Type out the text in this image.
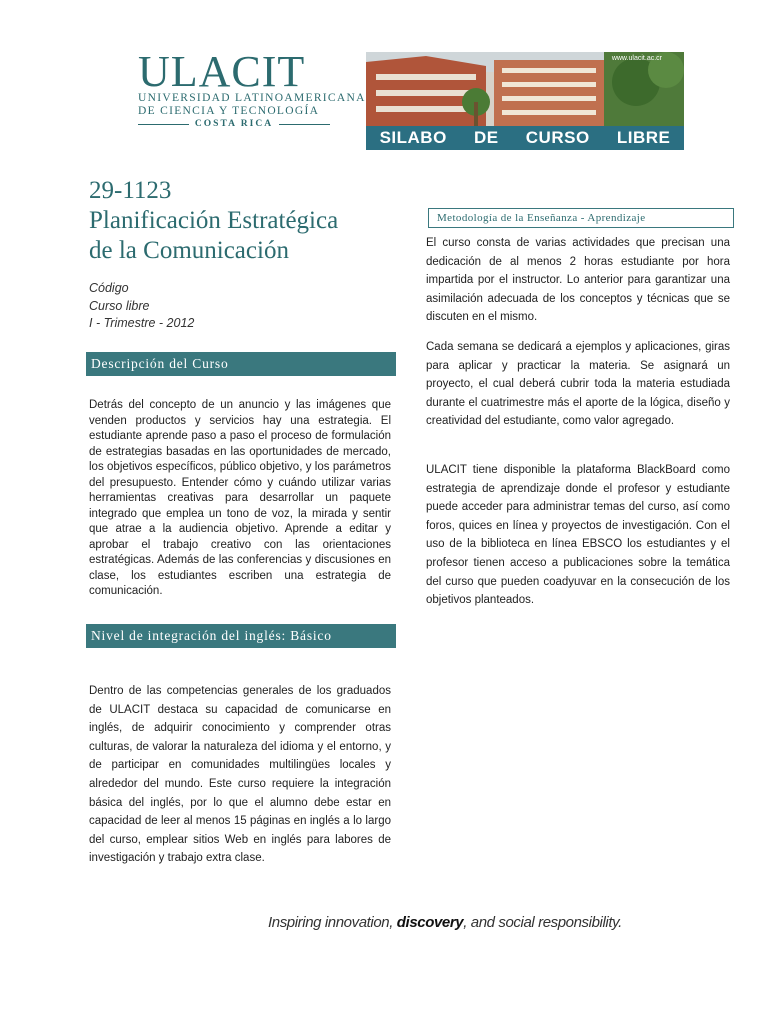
ULACIT
UNIVERSIDAD LATINOAMERICANA
DE CIENCIA Y TECNOLOGÍA
COSTA RICA
www.ulacit.ac.cr
SILABO DE CURSO LIBRE
29-1123
Planificación Estratégica
de la Comunicación
Código
Curso libre
I - Trimestre - 2012
Descripción del Curso
Detrás del concepto de un anuncio y las imágenes que venden productos y servicios hay una estrategia. El estudiante aprende paso a paso el proceso de formulación de estrategias basadas en las oportunidades de mercado, los objetivos específicos, público objetivo, y los parámetros del presupuesto. Entender cómo y cuándo utilizar varias herramientas creativas para desarrollar un paquete integrado que emplea un tono de voz, la mirada y sentir que atrae a la audiencia objetivo. Aprende a editar y aprobar el trabajo creativo con las orientaciones estratégicas. Además de las conferencias y discusiones en clase, los estudiantes escriben una estrategia de comunicación.
Nivel de integración del inglés: Básico
Dentro de las competencias generales de los graduados de ULACIT destaca su capacidad de comunicarse en inglés, de adquirir conocimiento y comprender otras culturas, de valorar la naturaleza del idioma y el entorno, y de participar en comunidades multilingües locales y alrededor del mundo. Este curso requiere la integración básica del inglés, por lo que el alumno debe estar en capacidad de leer al menos 15 páginas en inglés a lo largo del curso, emplear sitios Web en inglés para labores de investigación y trabajo extra clase.
Metodología de la Enseñanza - Aprendizaje

El curso consta de varias actividades que precisan una dedicación de al menos 2 horas estudiante por hora impartida por el instructor. Lo anterior para garantizar una asimilación adecuada de los conceptos y técnicas que se discuten en el mismo.

Cada semana se dedicará a ejemplos y aplicaciones, giras para aplicar y practicar la materia. Se asignará un proyecto, el cual deberá cubrir toda la materia estudiada durante el cuatrimestre más el aporte de la lógica, diseño y creatividad del estudiante, como valor agregado.

ULACIT tiene disponible la plataforma BlackBoard como estrategia de aprendizaje donde el profesor y estudiante puede acceder para administrar temas del curso, así como foros, quices en línea y proyectos de investigación. Con el uso de la biblioteca en línea EBSCO los estudiantes y el profesor tienen acceso a publicaciones sobre la temática del curso que pueden coadyuvar en la consecución de los objetivos planteados.

Inspiring innovation, discovery, and social responsibility.
